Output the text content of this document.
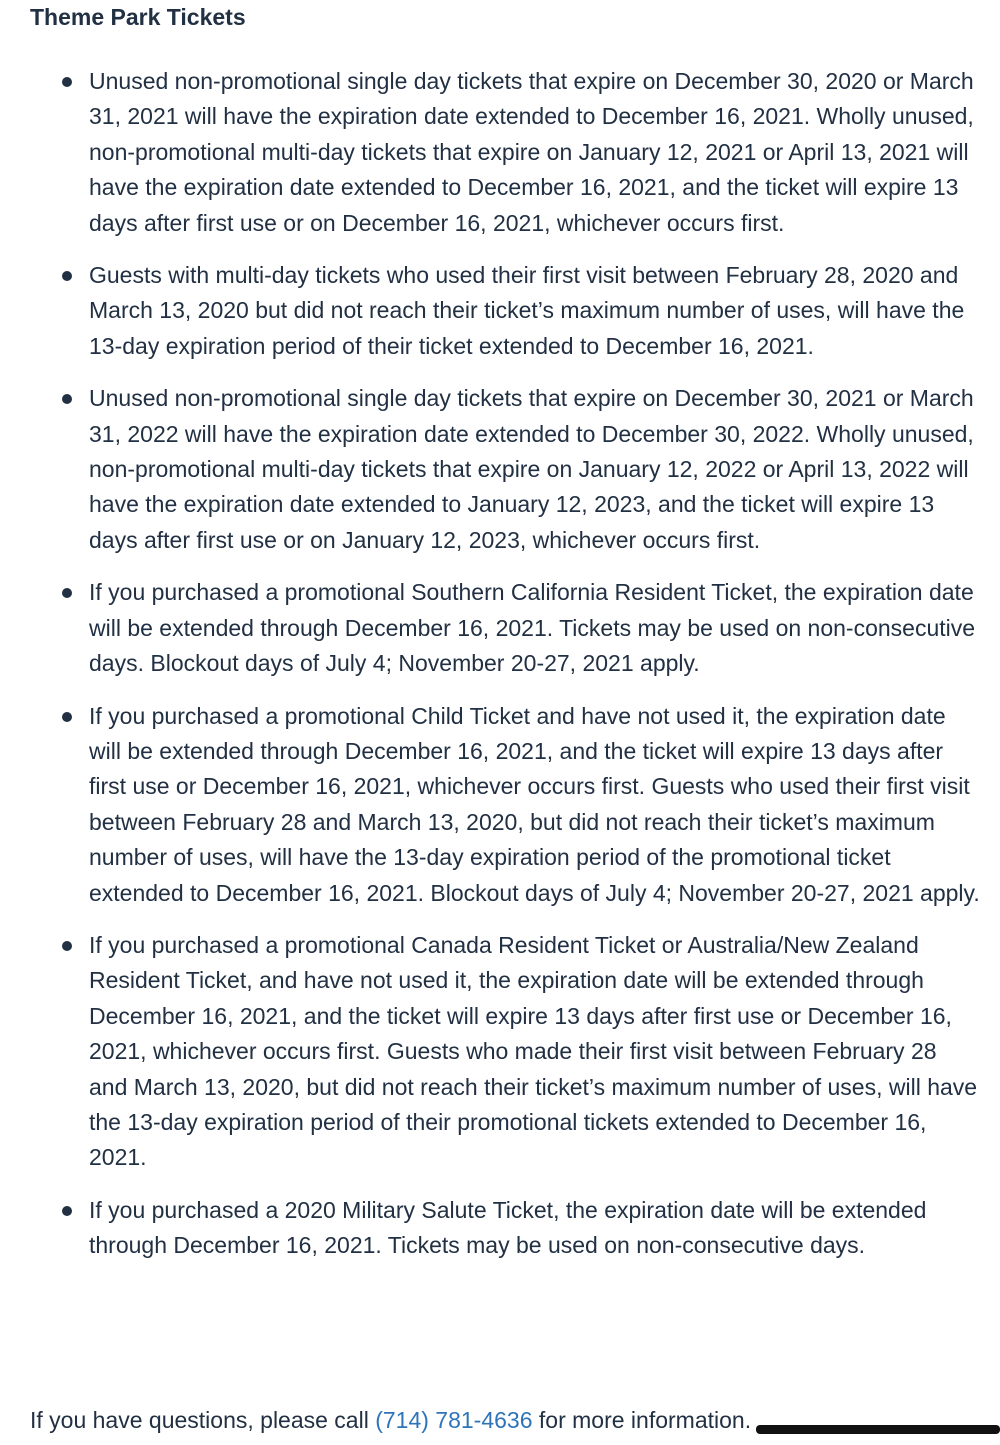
Theme Park Tickets
Unused non-promotional single day tickets that expire on December 30, 2020 or March 31, 2021 will have the expiration date extended to December 16, 2021. Wholly unused, non-promotional multi-day tickets that expire on January 12, 2021 or April 13, 2021 will have the expiration date extended to December 16, 2021, and the ticket will expire 13 days after first use or on December 16, 2021, whichever occurs first.
Guests with multi-day tickets who used their first visit between February 28, 2020 and March 13, 2020 but did not reach their ticket’s maximum number of uses, will have the 13-day expiration period of their ticket extended to December 16, 2021.
Unused non-promotional single day tickets that expire on December 30, 2021 or March 31, 2022 will have the expiration date extended to December 30, 2022. Wholly unused, non-promotional multi-day tickets that expire on January 12, 2022 or April 13, 2022 will have the expiration date extended to January 12, 2023, and the ticket will expire 13 days after first use or on January 12, 2023, whichever occurs first.
If you purchased a promotional Southern California Resident Ticket, the expiration date will be extended through December 16, 2021. Tickets may be used on non-consecutive days. Blockout days of July 4; November 20-27, 2021 apply.
If you purchased a promotional Child Ticket and have not used it, the expiration date will be extended through December 16, 2021, and the ticket will expire 13 days after first use or December 16, 2021, whichever occurs first. Guests who used their first visit between February 28 and March 13, 2020, but did not reach their ticket’s maximum number of uses, will have the 13-day expiration period of the promotional ticket extended to December 16, 2021. Blockout days of July 4; November 20-27, 2021 apply.
If you purchased a promotional Canada Resident Ticket or Australia/New Zealand Resident Ticket, and have not used it, the expiration date will be extended through December 16, 2021, and the ticket will expire 13 days after first use or December 16, 2021, whichever occurs first. Guests who made their first visit between February 28 and March 13, 2020, but did not reach their ticket’s maximum number of uses, will have the 13-day expiration period of their promotional tickets extended to December 16, 2021.
If you purchased a 2020 Military Salute Ticket, the expiration date will be extended through December 16, 2021. Tickets may be used on non-consecutive days.

If you have questions, please call (714) 781-4636 for more information.
